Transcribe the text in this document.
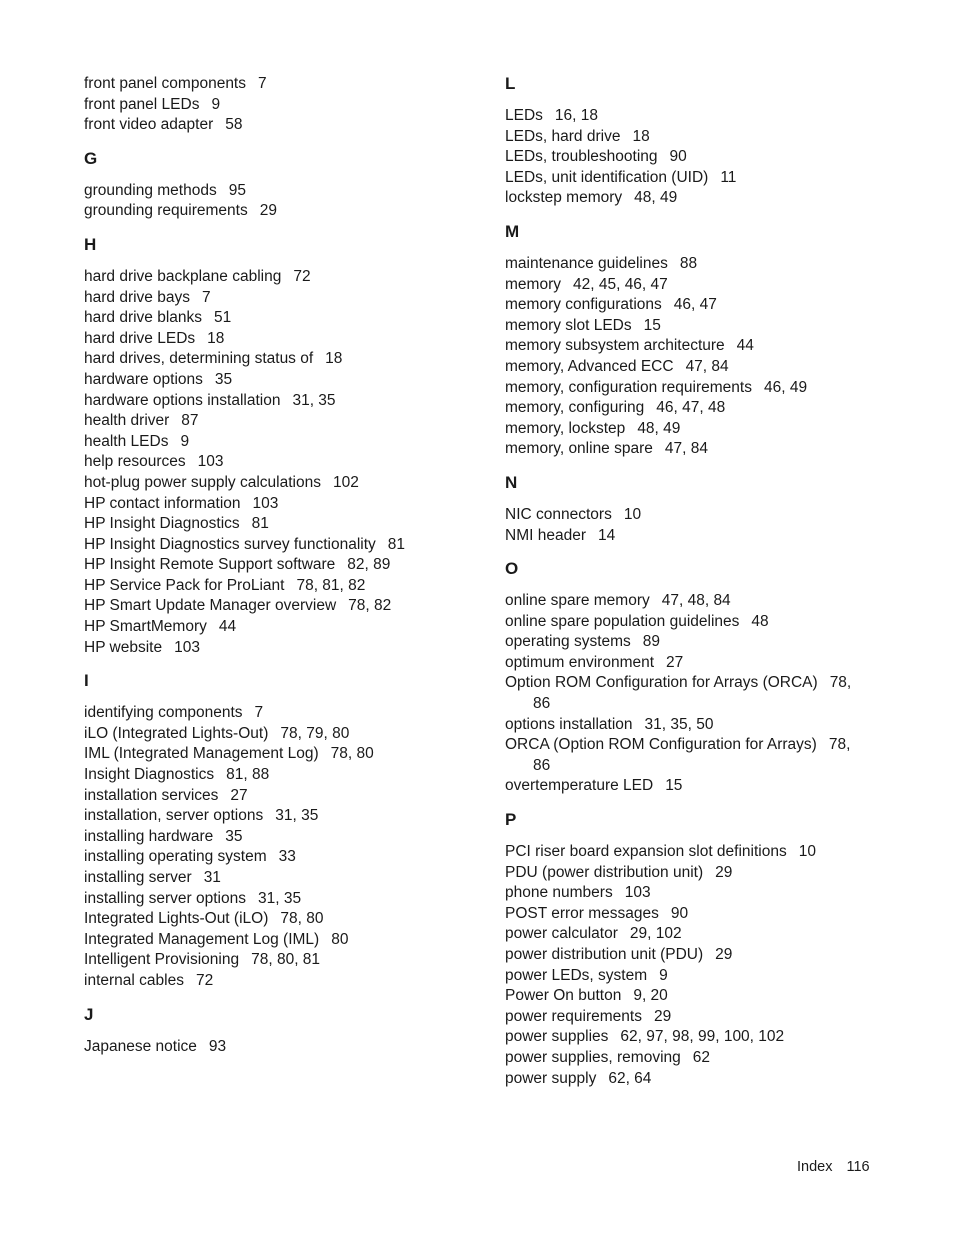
front panel components 7
front panel LEDs 9
front video adapter 58
G
grounding methods 95
grounding requirements 29
H
hard drive backplane cabling 72
hard drive bays 7
hard drive blanks 51
hard drive LEDs 18
hard drives, determining status of 18
hardware options 35
hardware options installation 31, 35
health driver 87
health LEDs 9
help resources 103
hot-plug power supply calculations 102
HP contact information 103
HP Insight Diagnostics 81
HP Insight Diagnostics survey functionality 81
HP Insight Remote Support software 82, 89
HP Service Pack for ProLiant 78, 81, 82
HP Smart Update Manager overview 78, 82
HP SmartMemory 44
HP website 103
I
identifying components 7
iLO (Integrated Lights-Out) 78, 79, 80
IML (Integrated Management Log) 78, 80
Insight Diagnostics 81, 88
installation services 27
installation, server options 31, 35
installing hardware 35
installing operating system 33
installing server 31
installing server options 31, 35
Integrated Lights-Out (iLO) 78, 80
Integrated Management Log (IML) 80
Intelligent Provisioning 78, 80, 81
internal cables 72
J
Japanese notice 93
L
LEDs 16, 18
LEDs, hard drive 18
LEDs, troubleshooting 90
LEDs, unit identification (UID) 11
lockstep memory 48, 49
M
maintenance guidelines 88
memory 42, 45, 46, 47
memory configurations 46, 47
memory slot LEDs 15
memory subsystem architecture 44
memory, Advanced ECC 47, 84
memory, configuration requirements 46, 49
memory, configuring 46, 47, 48
memory, lockstep 48, 49
memory, online spare 47, 84
N
NIC connectors 10
NMI header 14
O
online spare memory 47, 48, 84
online spare population guidelines 48
operating systems 89
optimum environment 27
Option ROM Configuration for Arrays (ORCA) 78, 86
options installation 31, 35, 50
ORCA (Option ROM Configuration for Arrays) 78, 86
overtemperature LED 15
P
PCI riser board expansion slot definitions 10
PDU (power distribution unit) 29
phone numbers 103
POST error messages 90
power calculator 29, 102
power distribution unit (PDU) 29
power LEDs, system 9
Power On button 9, 20
power requirements 29
power supplies 62, 97, 98, 99, 100, 102
power supplies, removing 62
power supply 62, 64
Index 116
